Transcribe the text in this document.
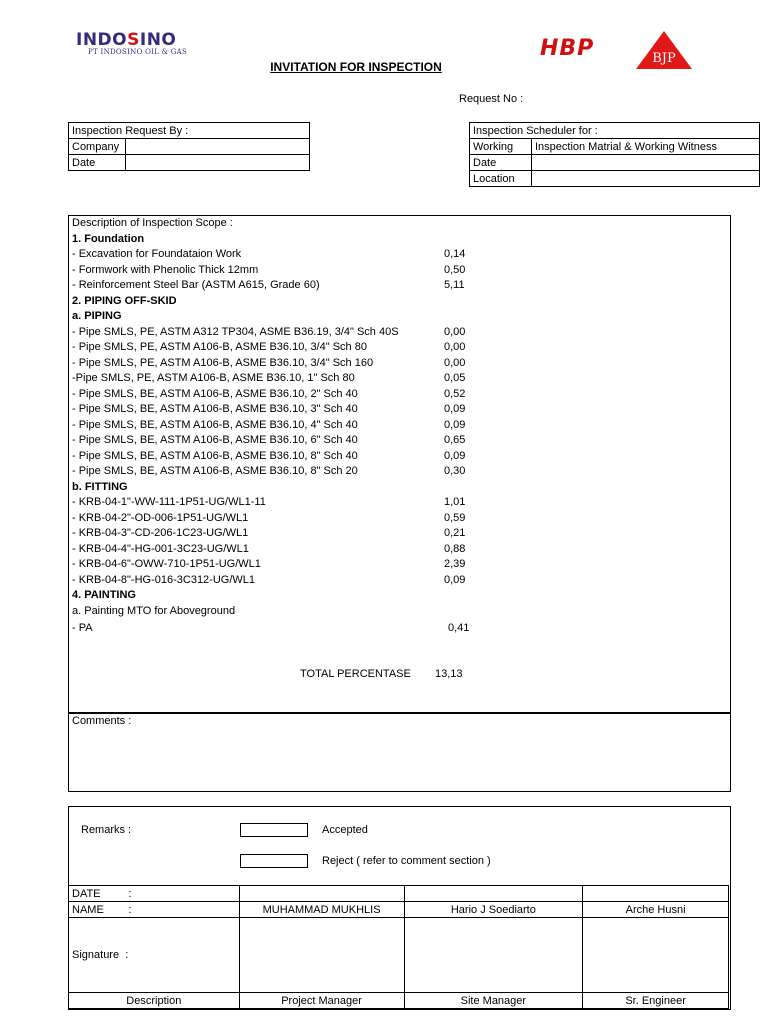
INDOSINO
PT INDOSINO OIL & GAS	HBP	BJP
INVITATION FOR INSPECTION
Request No :
Inspection Request By :	
Company	
Date	
Inspection Scheduler for :	
Working	Inspection Matrial & Working Witness
Date	
Location	
Description of Inspection Scope :
1. Foundation
- Excavation for Foundataion Work	0,14
- Formwork with Phenolic Thick 12mm	0,50
- Reinforcement Steel Bar (ASTM A615, Grade 60)	5,11
2. PIPING OFF-SKID
a. PIPING
- Pipe SMLS, PE, ASTM A312 TP304, ASME B36.19, 3/4" Sch 40S	0,00
- Pipe SMLS, PE, ASTM A106-B, ASME B36.10, 3/4" Sch 80	0,00
- Pipe SMLS, PE, ASTM A106-B, ASME B36.10, 3/4" Sch 160	0,00
-Pipe SMLS, PE, ASTM A106-B, ASME B36.10, 1" Sch 80	0,05
- Pipe SMLS, BE, ASTM A106-B, ASME B36.10, 2" Sch 40	0,52
- Pipe SMLS, BE, ASTM A106-B, ASME B36.10, 3" Sch 40	0,09
- Pipe SMLS, BE, ASTM A106-B, ASME B36.10, 4" Sch 40	0,09
- Pipe SMLS, BE, ASTM A106-B, ASME B36.10, 6" Sch 40	0,65
- Pipe SMLS, BE, ASTM A106-B, ASME B36.10, 8" Sch 40	0,09
- Pipe SMLS, BE, ASTM A106-B, ASME B36.10, 8" Sch 20	0,30
b. FITTING
- KRB-04-1"-WW-111-1P51-UG/WL1-11	1,01
- KRB-04-2"-OD-006-1P51-UG/WL1	0,59
- KRB-04-3"-CD-206-1C23-UG/WL1	0,21
- KRB-04-4"-HG-001-3C23-UG/WL1	0,88
- KRB-04-6"-OWW-710-1P51-UG/WL1	2,39
- KRB-04-8"-HG-016-3C312-UG/WL1	0,09
4. PAINTING
a. Painting MTO for Aboveground
- PA	0,41
TOTAL PERCENTASE 13,13
Comments :
Remarks :	Accepted
Reject ( refer to comment section )
DATE :			

NAME :	MUHAMMAD MUKHLIS	Hario J Soediarto	Arche Husni
Signature :			
Description	Project Manager	Site Manager	Sr. Engineer
